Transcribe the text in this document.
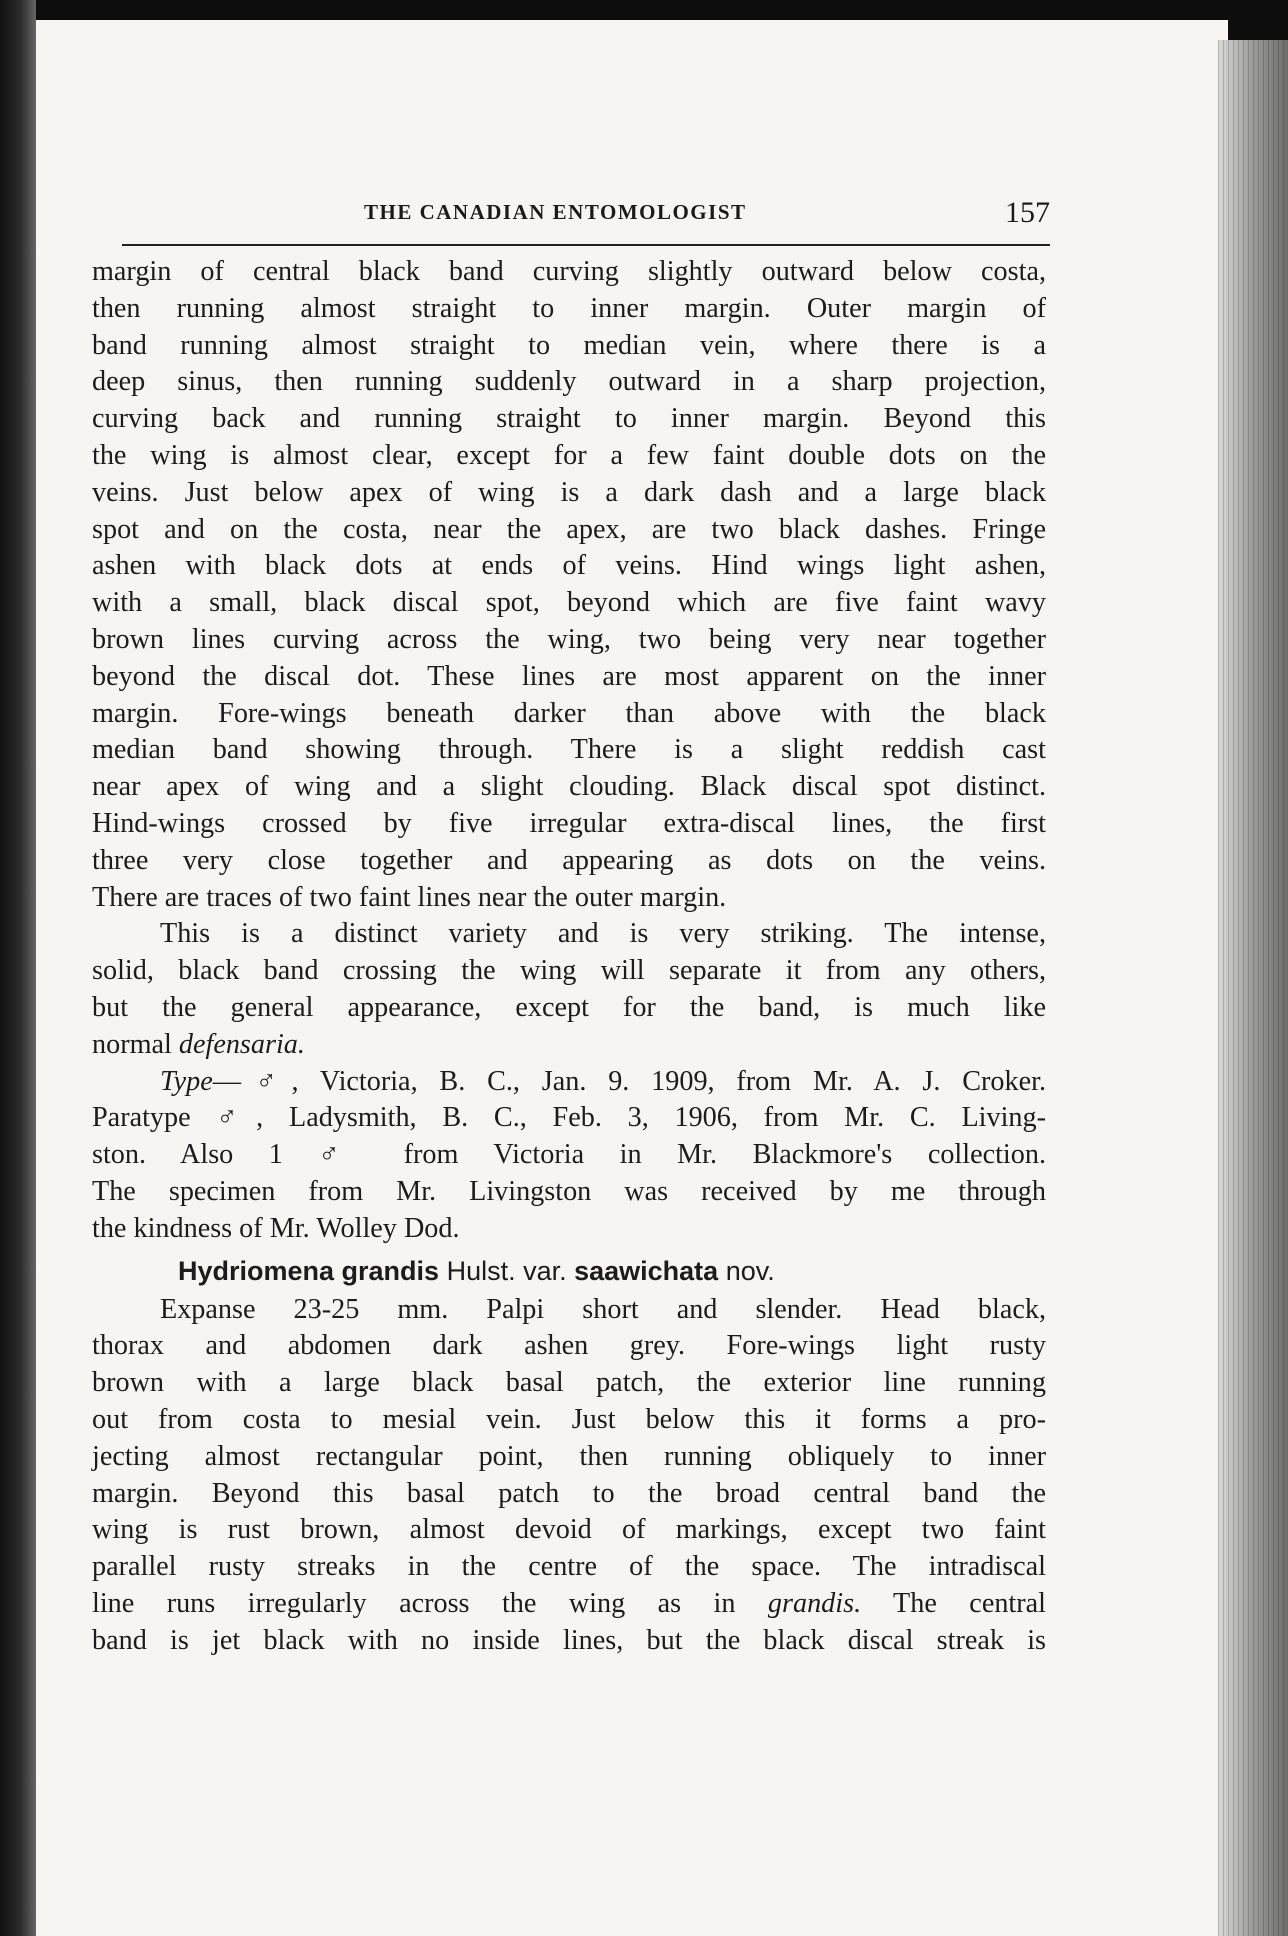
THE CANADIAN ENTOMOLOGIST	157
margin of central black band curving slightly outward below costa,
then running almost straight to inner margin. Outer margin of
band running almost straight to median vein, where there is a
deep sinus, then running suddenly outward in a sharp projection,
curving back and running straight to inner margin. Beyond this
the wing is almost clear, except for a few faint double dots on the
veins. Just below apex of wing is a dark dash and a large black
spot and on the costa, near the apex, are two black dashes. Fringe
ashen with black dots at ends of veins. Hind wings light ashen,
with a small, black discal spot, beyond which are five faint wavy
brown lines curving across the wing, two being very near together
beyond the discal dot. These lines are most apparent on the inner
margin. Fore-wings beneath darker than above with the black
median band showing through. There is a slight reddish cast
near apex of wing and a slight clouding. Black discal spot distinct.
Hind-wings crossed by five irregular extra-discal lines, the first
three very close together and appearing as dots on the veins.
There are traces of two faint lines near the outer margin.
This is a distinct variety and is very striking. The intense,
solid, black band crossing the wing will separate it from any others,
but the general appearance, except for the band, is much like
normal defensaria.
Type—♂, Victoria, B. C., Jan. 9. 1909, from Mr. A. J. Croker.
Paratype ♂, Ladysmith, B. C., Feb. 3, 1906, from Mr. C. Living-
ston. Also 1 ♂ from Victoria in Mr. Blackmore's collection.
The specimen from Mr. Livingston was received by me through
the kindness of Mr. Wolley Dod.
Hydriomena grandis Hulst. var. saawichata nov.
Expanse 23-25 mm. Palpi short and slender. Head black,
thorax and abdomen dark ashen grey. Fore-wings light rusty
brown with a large black basal patch, the exterior line running
out from costa to mesial vein. Just below this it forms a pro-
jecting almost rectangular point, then running obliquely to inner
margin. Beyond this basal patch to the broad central band the
wing is rust brown, almost devoid of markings, except two faint
parallel rusty streaks in the centre of the space. The intradiscal
line runs irregularly across the wing as in grandis. The central
band is jet black with no inside lines, but the black discal streak is
